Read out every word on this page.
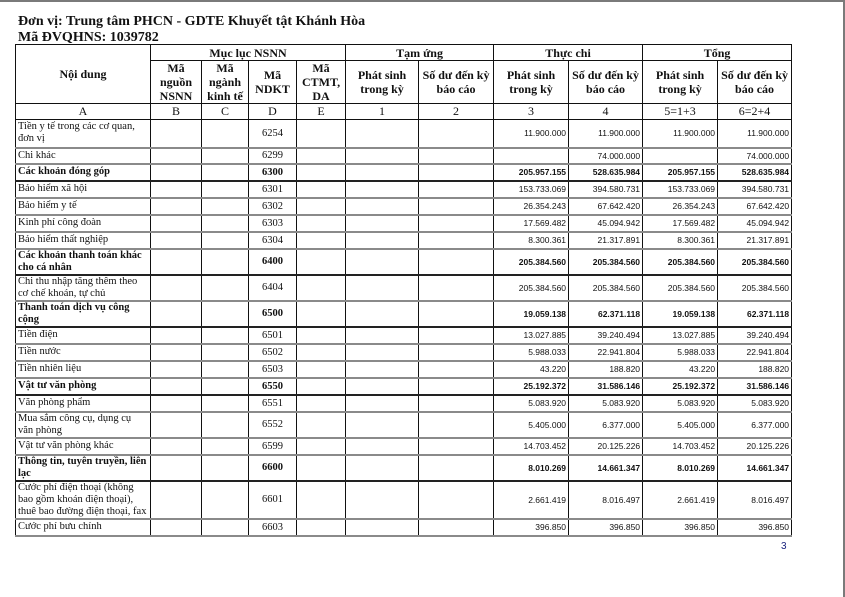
Đơn vị: Trung tâm PHCN - GDTE Khuyết tật Khánh Hòa
Mã ĐVQHNS: 1039782
Nội dung	Mục lục NSNN				Tạm ứng		Thực chi		Tổng	
	Mã nguồn NSNN	Mã ngành kinh tế	Mã NDKT	Mã CTMT, DA	Phát sinh trong kỳ	Số dư đến kỳ báo cáo	Phát sinh trong kỳ	Số dư đến kỳ báo cáo	Phát sinh trong kỳ	Số dư đến kỳ báo cáo
A	B	C	D	E	1	2	3	4	5=1+3	6=2+4
Tiền y tế trong các cơ quan, đơn vị			6254				11.900.000	11.900.000	11.900.000	11.900.000
Chi khác			6299					74.000.000		74.000.000
Các khoản đóng góp			6300				205.957.155	528.635.984	205.957.155	528.635.984
Bảo hiểm xã hội			6301				153.733.069	394.580.731	153.733.069	394.580.731
Bảo hiểm y tế			6302				26.354.243	67.642.420	26.354.243	67.642.420
Kinh phí công đoàn			6303				17.569.482	45.094.942	17.569.482	45.094.942
Bảo hiểm thất nghiệp			6304				8.300.361	21.317.891	8.300.361	21.317.891
Các khoản thanh toán khác cho cá nhân			6400				205.384.560	205.384.560	205.384.560	205.384.560
Chi thu nhập tăng thêm theo cơ chế khoán, tự chủ			6404				205.384.560	205.384.560	205.384.560	205.384.560
Thanh toán dịch vụ công cộng			6500				19.059.138	62.371.118	19.059.138	62.371.118
Tiền điện			6501				13.027.885	39.240.494	13.027.885	39.240.494
Tiền nước			6502				5.988.033	22.941.804	5.988.033	22.941.804
Tiền nhiên liệu			6503				43.220	188.820	43.220	188.820
Vật tư văn phòng			6550				25.192.372	31.586.146	25.192.372	31.586.146
Văn phòng phẩm			6551				5.083.920	5.083.920	5.083.920	5.083.920
Mua sắm công cụ, dụng cụ văn phòng			6552				5.405.000	6.377.000	5.405.000	6.377.000
Vật tư văn phòng khác			6599				14.703.452	20.125.226	14.703.452	20.125.226
Thông tin, tuyên truyền, liên lạc			6600				8.010.269	14.661.347	8.010.269	14.661.347
Cước phí điện thoại (không bao gồm khoán điện thoại), thuê bao đường điện thoại, fax			6601				2.661.419	8.016.497	2.661.419	8.016.497
Cước phí bưu chính			6603				396.850	396.850	396.850	396.850
3
